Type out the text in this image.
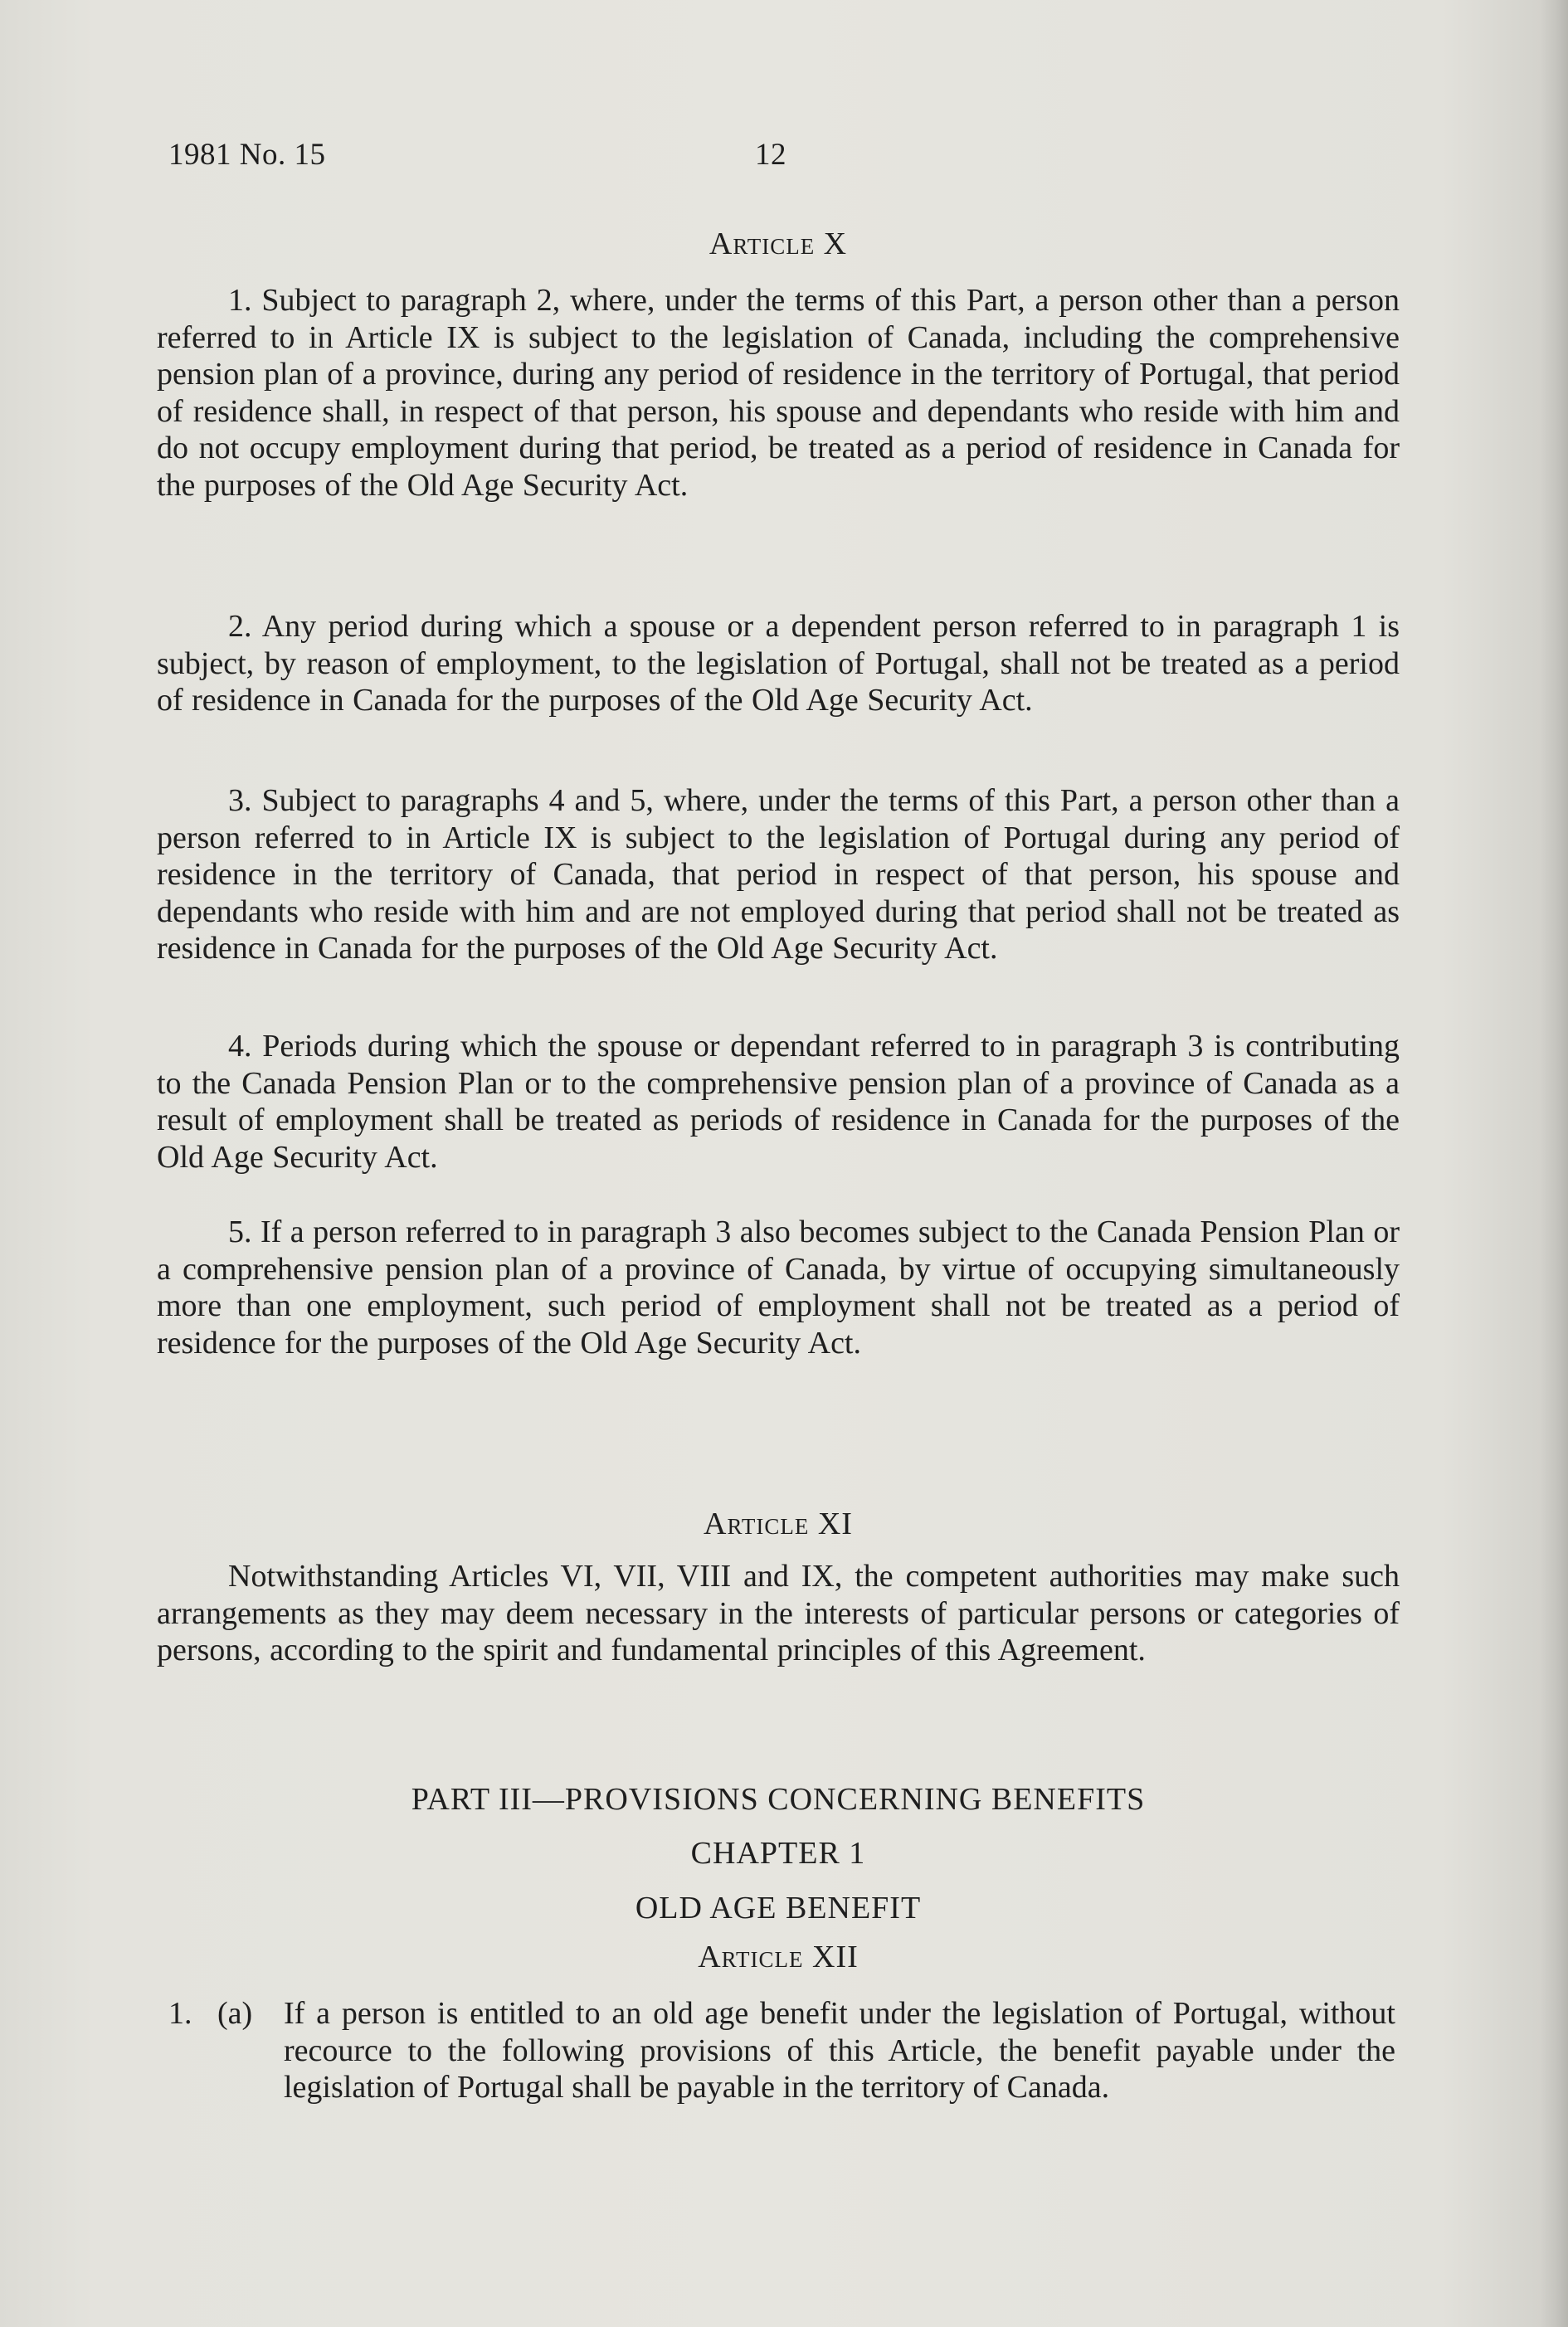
1981 No. 15	12
Article X
1. Subject to paragraph 2, where, under the terms of this Part, a person other than a person referred to in Article IX is subject to the legislation of Canada, including the comprehensive pension plan of a province, during any period of residence in the territory of Portugal, that period of residence shall, in respect of that person, his spouse and dependants who reside with him and do not occupy employment during that period, be treated as a period of residence in Canada for the purposes of the Old Age Security Act.
2. Any period during which a spouse or a dependent person referred to in paragraph 1 is subject, by reason of employment, to the legislation of Portugal, shall not be treated as a period of residence in Canada for the purposes of the Old Age Security Act.
3. Subject to paragraphs 4 and 5, where, under the terms of this Part, a person other than a person referred to in Article IX is subject to the legislation of Portugal during any period of residence in the territory of Canada, that period in respect of that person, his spouse and dependants who reside with him and are not employed during that period shall not be treated as residence in Canada for the purposes of the Old Age Security Act.
4. Periods during which the spouse or dependant referred to in paragraph 3 is contributing to the Canada Pension Plan or to the comprehensive pension plan of a province of Canada as a result of employment shall be treated as periods of residence in Canada for the purposes of the Old Age Security Act.
5. If a person referred to in paragraph 3 also becomes subject to the Canada Pension Plan or a comprehensive pension plan of a province of Canada, by virtue of occupying simultaneously more than one employment, such period of employment shall not be treated as a period of residence for the purposes of the Old Age Security Act.
Article XI
Notwithstanding Articles VI, VII, VIII and IX, the competent authorities may make such arrangements as they may deem necessary in the interests of particular persons or categories of persons, according to the spirit and fundamental principles of this Agreement.
PART III—PROVISIONS CONCERNING BENEFITS
CHAPTER 1
OLD AGE BENEFIT
Article XII
1. (a) If a person is entitled to an old age benefit under the legislation of Portugal, without recource to the following provisions of this Article, the benefit payable under the legislation of Portugal shall be payable in the territory of Canada.
